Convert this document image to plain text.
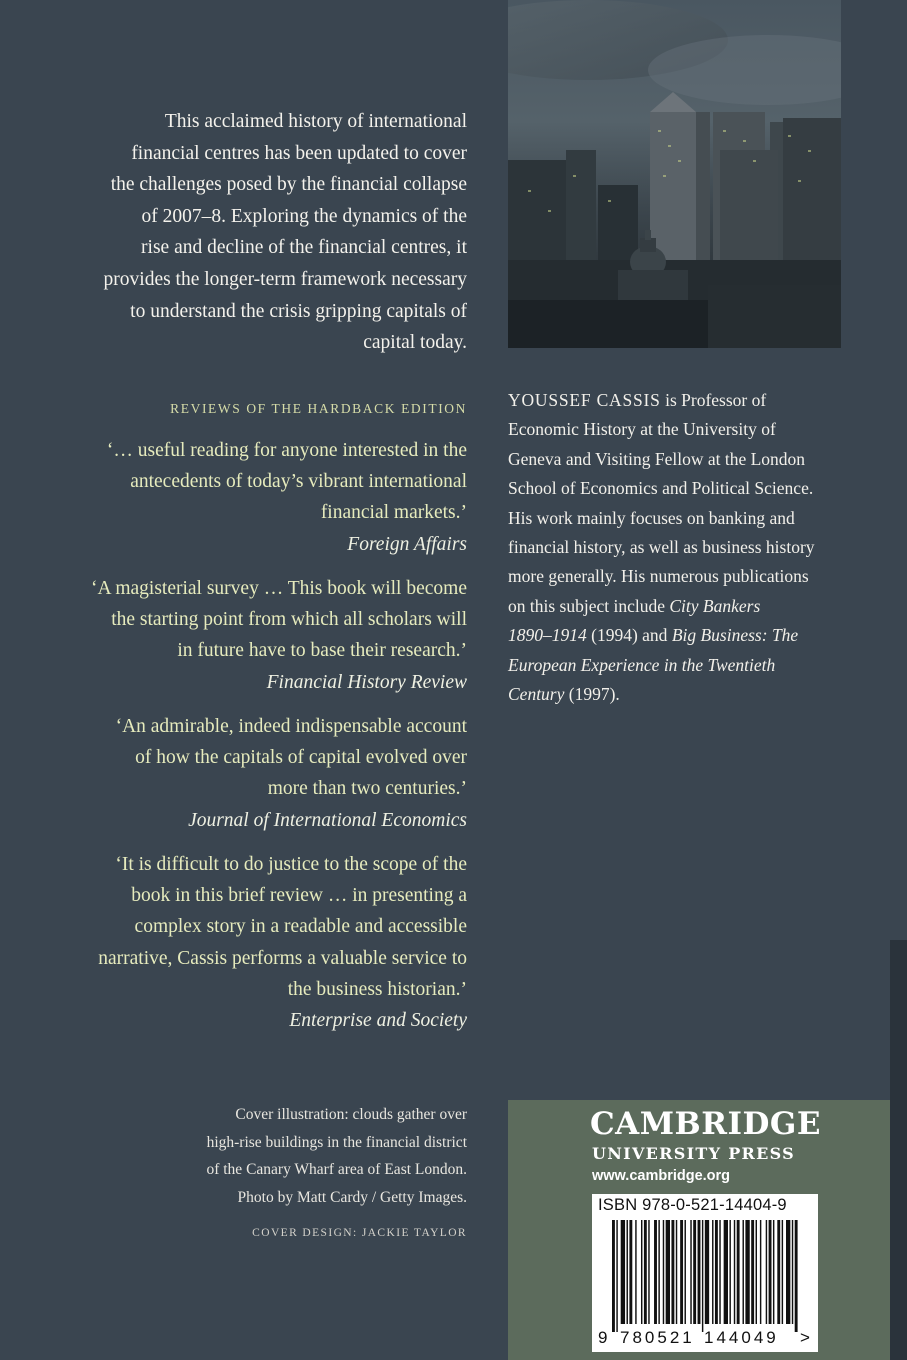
This acclaimed history of international
financial centres has been updated to cover
the challenges posed by the financial collapse
of 2007–8. Exploring the dynamics of the
rise and decline of the financial centres, it
provides the longer-term framework necessary
to understand the crisis gripping capitals of
capital today.
REVIEWS OF THE HARDBACK EDITION
‘… useful reading for anyone interested in the
antecedents of today’s vibrant international
financial markets.’
Foreign Affairs
‘A magisterial survey … This book will become
the starting point from which all scholars will
in future have to base their research.’
Financial History Review
‘An admirable, indeed indispensable account
of how the capitals of capital evolved over
more than two centuries.’
Journal of International Economics
‘It is difficult to do justice to the scope of the
book in this brief review … in presenting a
complex story in a readable and accessible
narrative, Cassis performs a valuable service to
the business historian.’
Enterprise and Society
Cover illustration: clouds gather over
high-rise buildings in the financial district
of the Canary Wharf area of East London.
Photo by Matt Cardy / Getty Images.
COVER DESIGN: JACKIE TAYLOR
YOUSSEF CASSIS is Professor of
Economic History at the University of
Geneva and Visiting Fellow at the London
School of Economics and Political Science.
His work mainly focuses on banking and
financial history, as well as business history
more generally. His numerous publications
on this subject include City Bankers
1890–1914 (1994) and Big Business: The
European Experience in the Twentieth
Century (1997).
CAMBRIDGE
UNIVERSITY PRESS
www.cambridge.org
ISBN 978-0-521-14404-9
9 780521 144049 >
